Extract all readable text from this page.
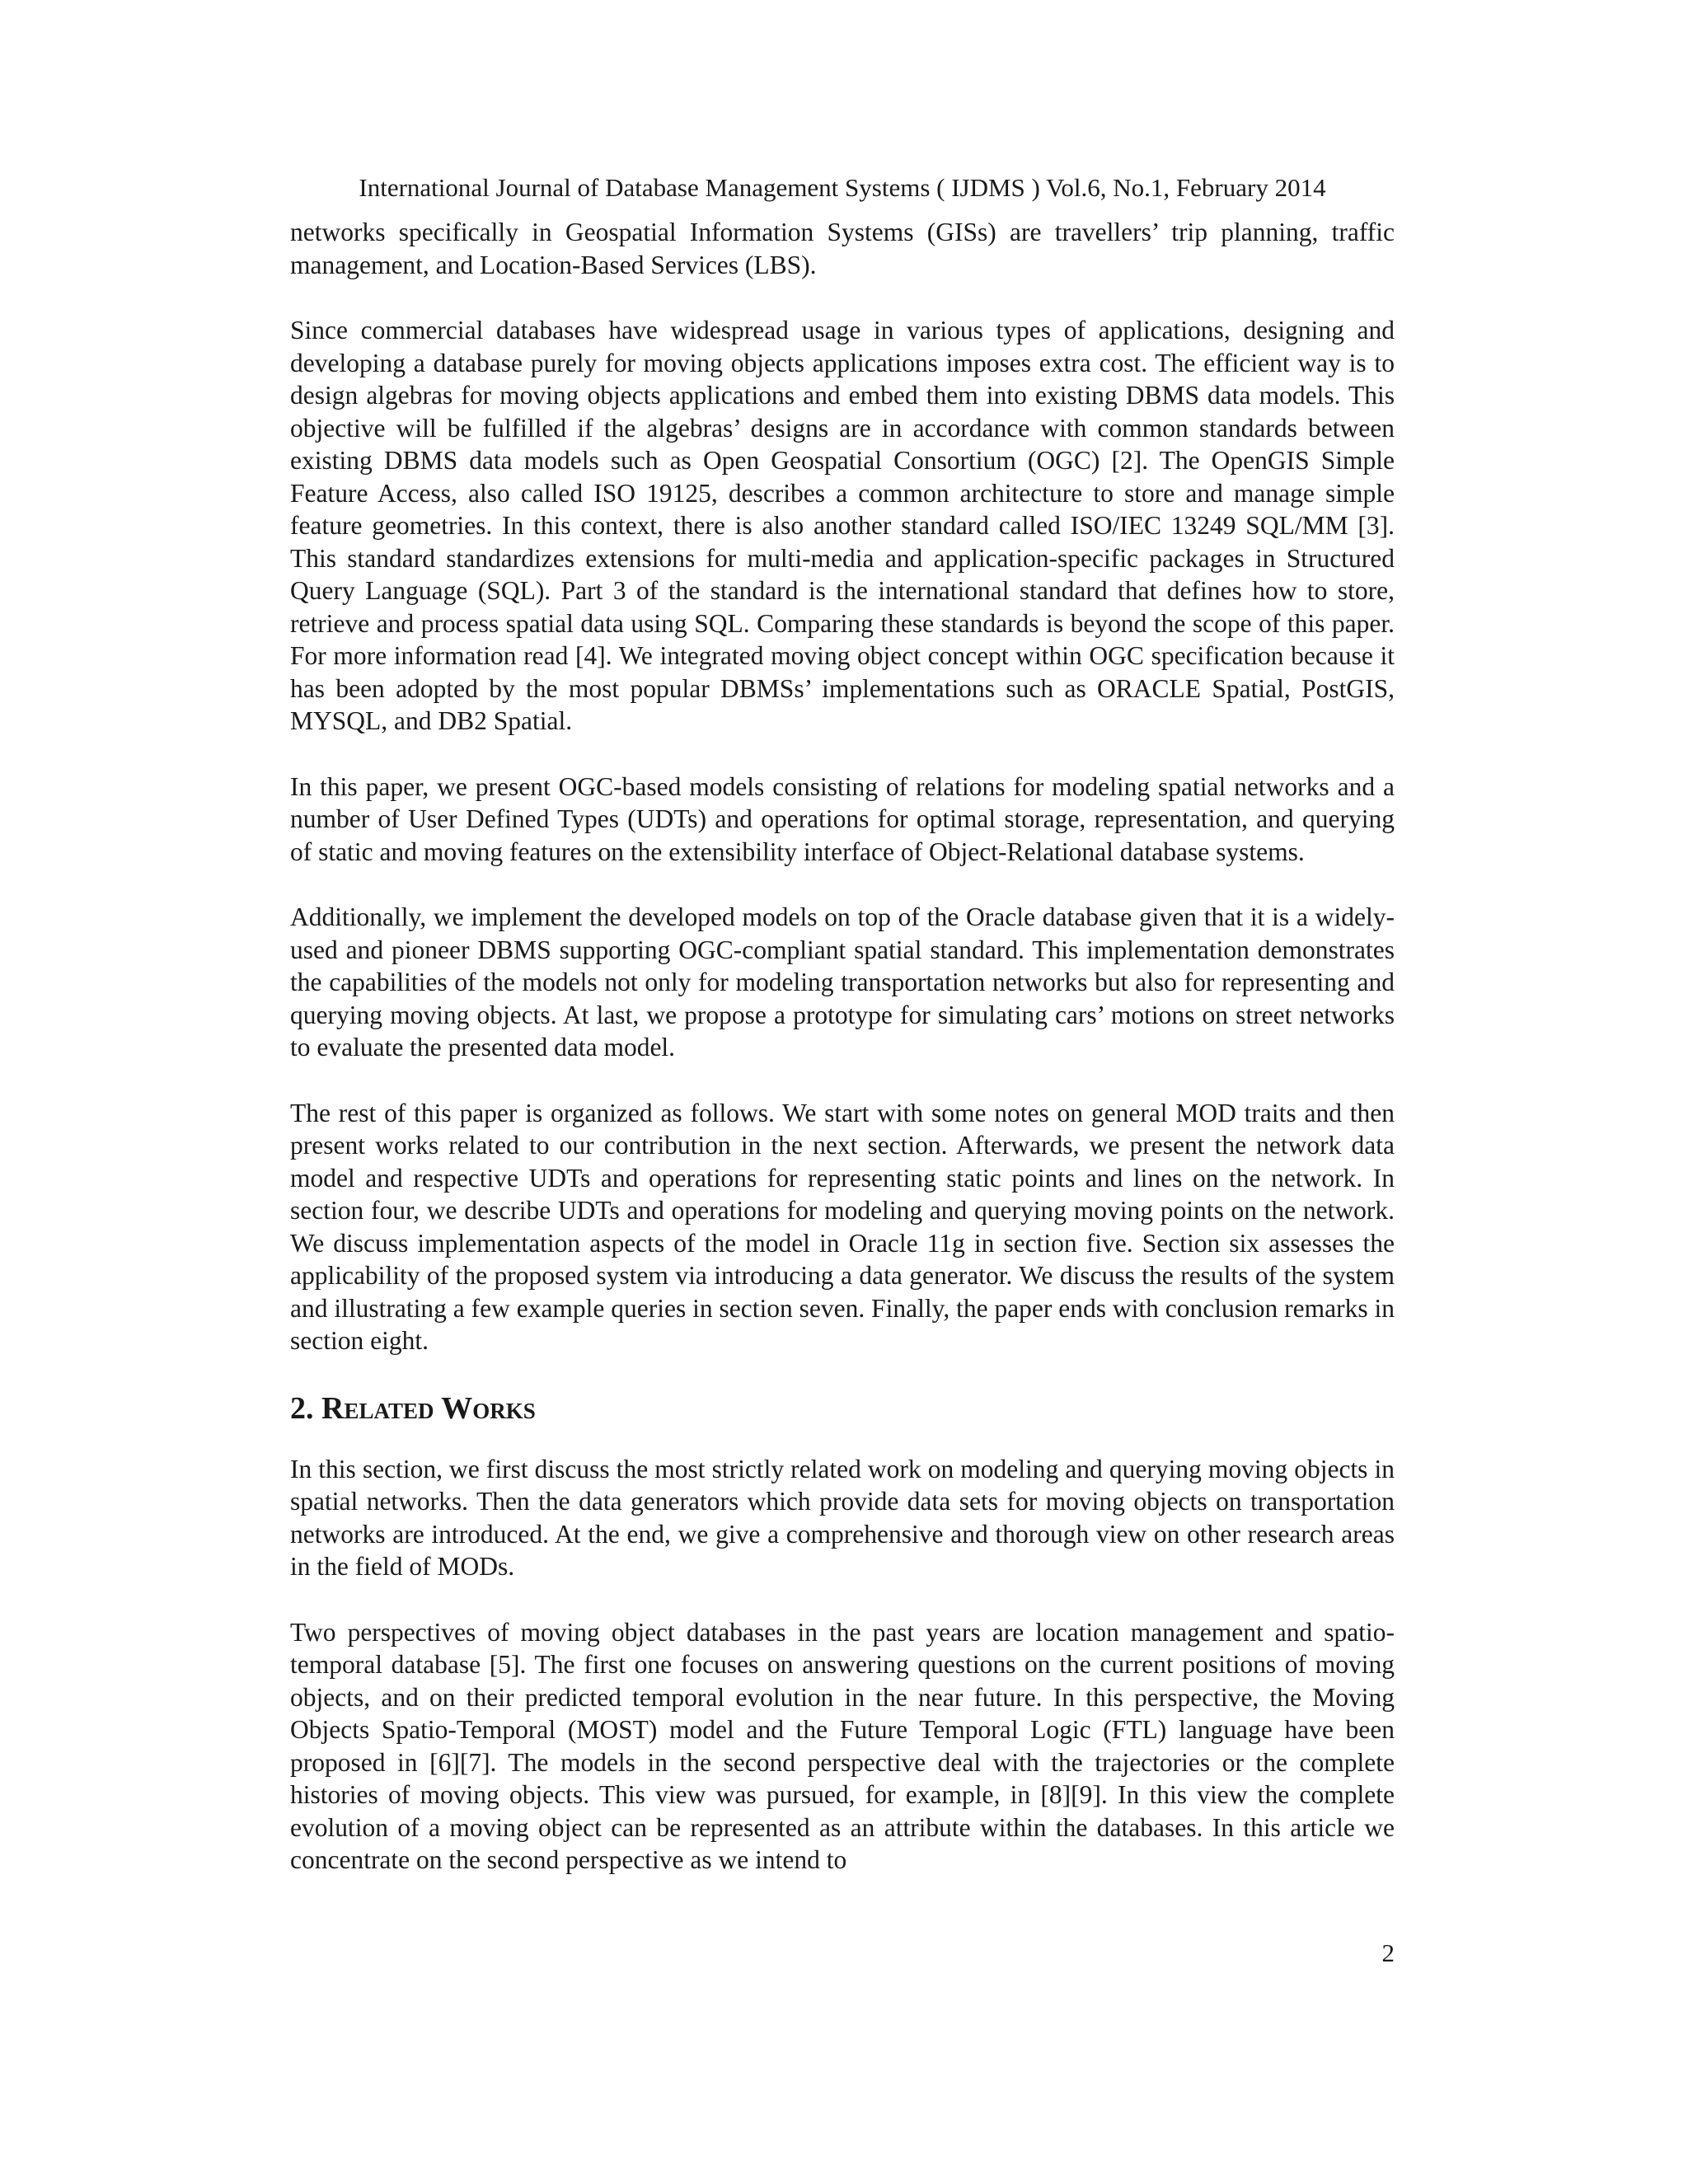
International Journal of Database Management Systems ( IJDMS ) Vol.6, No.1, February 2014

networks specifically in Geospatial Information Systems (GISs) are travellers’ trip planning, traffic management, and Location-Based Services (LBS).

Since commercial databases have widespread usage in various types of applications, designing and developing a database purely for moving objects applications imposes extra cost. The efficient way is to design algebras for moving objects applications and embed them into existing DBMS data models. This objective will be fulfilled if the algebras’ designs are in accordance with common standards between existing DBMS data models such as Open Geospatial Consortium (OGC) [2]. The OpenGIS Simple Feature Access, also called ISO 19125, describes a common architecture to store and manage simple feature geometries. In this context, there is also another standard called ISO/IEC 13249 SQL/MM [3]. This standard standardizes extensions for multi-media and application-specific packages in Structured Query Language (SQL). Part 3 of the standard is the international standard that defines how to store, retrieve and process spatial data using SQL. Comparing these standards is beyond the scope of this paper. For more information read [4]. We integrated moving object concept within OGC specification because it has been adopted by the most popular DBMSs’ implementations such as ORACLE Spatial, PostGIS, MYSQL, and DB2 Spatial.

In this paper, we present OGC-based models consisting of relations for modeling spatial networks and a number of User Defined Types (UDTs) and operations for optimal storage, representation, and querying of static and moving features on the extensibility interface of Object-Relational database systems.

Additionally, we implement the developed models on top of the Oracle database given that it is a widely-used and pioneer DBMS supporting OGC-compliant spatial standard. This implementation demonstrates the capabilities of the models not only for modeling transportation networks but also for representing and querying moving objects. At last, we propose a prototype for simulating cars’ motions on street networks to evaluate the presented data model.

The rest of this paper is organized as follows. We start with some notes on general MOD traits and then present works related to our contribution in the next section. Afterwards, we present the network data model and respective UDTs and operations for representing static points and lines on the network. In section four, we describe UDTs and operations for modeling and querying moving points on the network. We discuss implementation aspects of the model in Oracle 11g in section five. Section six assesses the applicability of the proposed system via introducing a data generator. We discuss the results of the system and illustrating a few example queries in section seven. Finally, the paper ends with conclusion remarks in section eight.

2. Related Works

In this section, we first discuss the most strictly related work on modeling and querying moving objects in spatial networks. Then the data generators which provide data sets for moving objects on transportation networks are introduced. At the end, we give a comprehensive and thorough view on other research areas in the field of MODs.

Two perspectives of moving object databases in the past years are location management and spatio-temporal database [5]. The first one focuses on answering questions on the current positions of moving objects, and on their predicted temporal evolution in the near future. In this perspective, the Moving Objects Spatio-Temporal (MOST) model and the Future Temporal Logic (FTL) language have been proposed in [6][7]. The models in the second perspective deal with the trajectories or the complete histories of moving objects. This view was pursued, for example, in [8][9]. In this view the complete evolution of a moving object can be represented as an attribute within the databases. In this article we concentrate on the second perspective as we intend to

2
